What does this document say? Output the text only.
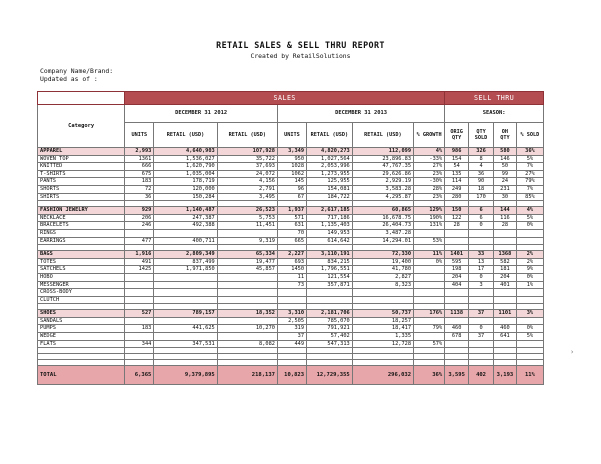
RETAIL SALES & SELL THRU REPORT
Created by RetailSolutions
Company Name/Brand:
Updated as of :
	SALES							SELL THRU			
Category	DECEMBER 31 2012			DECEMBER 31 2013				SEASON:			
	UNITS	RETAIL (USD)	RETAIL (USD)	UNITS	RETAIL (USD)	RETAIL (USD)	% GROWTH	ORIG QTY	QTY SOLD	OH QTY	% SOLD
APPAREL	2,993	4,640,903	107,928	3,349	4,820,273	112,099	4%	986	326	580	36%
WOVEN TOP	1361	1,536,027	35,722	950	1,027,564	23,896.83	-33%	154	8	146	5%
KNITTED	666	1,620,790	37,693	1028	2,053,996	47,767.35	27%	54	4	50	7%
T-SHIRTS	675	1,035,004	24,072	1062	1,273,955	29,626.86	23%	135	36	99	27%
PANTS	183	178,719	4,156	145	125,955	2,929.19	-30%	114	90	24	79%
SHORTS	72	120,000	2,791	96	154,081	3,583.28	28%	249	18	231	7%
SHIRTS	36	150,284	3,495	67	184,722	4,295.87	23%	280	170	30	85%

FASHION JEWELRY	929	1,140,487	26,523	1,937	2,617,185	60,865	129%	150	6	144	4%
NECKLACE	206	247,387	5,753	571	717,186	16,678.75	190%	122	6	116	5%
BRACELETS	246	492,388	11,451	631	1,135,403	26,404.73	131%	28	0	28	0%
RINGS				70	149,953	3,487.28					
EARRINGS	477	400,711	9,319	665	614,642	14,294.01	53%				

BAGS	1,916	2,809,349	65,334	2,227	3,110,191	72,330	11%	1401	33	1368	2%
TOTES	491	837,499	19,477	693	834,215	19,400	0%	595	13	582	2%
SATCHELS	1425	1,971,850	45,857	1450	1,796,551	41,780		198	17	181	9%
HOBO				11	121,554	2,827		204	0	204	0%
MESSENGER				73	357,871	8,323		404	3	401	1%
CROSS-BODY											
CLUTCH											

SHOES	527	789,157	18,352	3,310	2,181,706	50,737	176%	1138	37	1101	3%
SANDALS				2,505	785,070	18,257					
PUMPS	183	441,625	10,270	319	791,921	18,417	79%	460	0	460	0%
WEDGE				37	57,402	1,335		678	37	641	5%
FLATS	344	347,531	8,082	449	547,313	12,728	57%				

TOTAL	6,365	9,379,895	218,137	10,823	12,729,355	296,032	36%	3,595	402	3,193	11%
›
